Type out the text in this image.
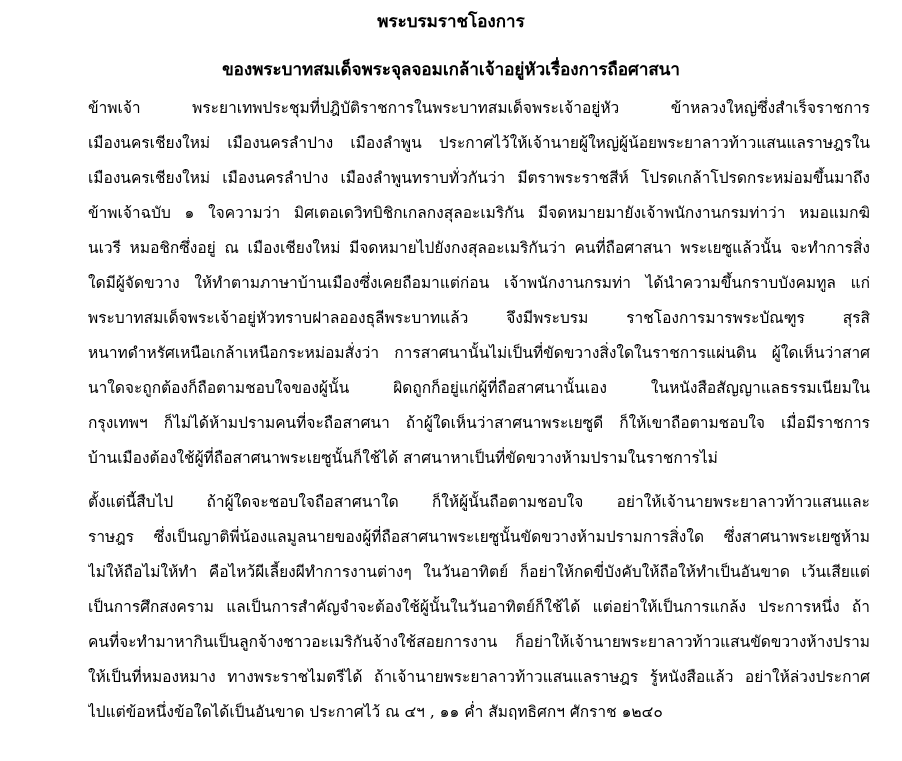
พระบรมราชโองการ
ของพระบาทสมเด็จพระจุลจอมเกล้าเจ้าอยู่หัวเรื่องการถือศาสนา
ข้าพเจ้า พระยาเทพประชุมที่ปฎิบัติราชการในพระบาทสมเด็จพระเจ้าอยู่หัว ข้าหลวงใหญ่ซึ่งสำเร็จราชการ
เมืองนครเชียงใหม่ เมืองนครลำปาง เมืองลำพูน ประกาศไว้ให้เจ้านายผู้ใหญ่ผู้น้อยพระยาลาวท้าวแสนแลราษฎรใน
เมืองนครเชียงใหม่ เมืองนครลำปาง เมืองลำพูนทราบทั่วกันว่า มีตราพระราชสีห์ โปรดเกล้าโปรดกระหม่อมขึ้นมาถึง
ข้าพเจ้าฉบับ ๑ ใจความว่า มิศเตอเดวิทบิชิกเกลกงสุลอะเมริกัน มีจดหมายมายังเจ้าพนักงานกรมท่าว่า หมอแมกฆิ
นเวรี หมอชิกซึ่งอยู่ ณ เมืองเชียงใหม่ มีจดหมายไปยังกงสุลอะเมริกันว่า คนที่ถือศาสนา พระเยซูแล้วนั้น จะทำการสิ่ง
ใดมีผู้จัดขวาง ให้ทำตามภาษาบ้านเมืองซึ่งเคยถือมาแต่ก่อน เจ้าพนักงานกรมท่า ได้นำความขึ้นกราบบังคมทูล แก่
พระบาทสมเด็จพระเจ้าอยู่หัวทราบฝาลอองธุลีพระบาทแล้ว จึงมีพระบรม ราชโองการมารพระบัณฑูร สุรสิ
หนาทดำหรัศเหนือเกล้าเหนือกระหม่อมสั่งว่า การสาศนานั้นไม่เป็นที่ขัดขวางสิ่งใดในราชการแผ่นดิน ผู้ใดเห็นว่าสาศ
นาใดจะถูกต้องก็ถือตามชอบใจของผู้นั้น ผิดถูกก็อยู่แก่ผู้ที่ถือสาศนานั้นเอง ในหนังสือสัญญาแลธรรมเนียมใน
กรุงเทพฯ ก็ไม่ได้ห้ามปรามคนที่จะถือสาศนา ถ้าผู้ใดเห็นว่าสาศนาพระเยซูดี ก็ให้เขาถือตามชอบใจ เมื่อมีราชการ
บ้านเมืองต้องใช้ผู้ที่ถือสาศนาพระเยซูนั้นก็ใช้ได้ สาศนาหาเป็นที่ขัดขวางห้ามปรามในราชการไม่
ตั้งแต่นี้สืบไป ถ้าผู้ใดจะชอบใจถือสาศนาใด ก็ให้ผู้นั้นถือตามชอบใจ อย่าให้เจ้านายพระยาลาวท้าวแสนและ
ราษฎร ซึ่งเป็นญาติพี่น้องแลมูลนายของผู้ที่ถือสาศนาพระเยซูนั้นขัดขวางห้ามปรามการสิ่งใด ซึ่งสาศนาพระเยซูห้าม
ไม่ให้ถือไม่ให้ทำ คือไหว้ผีเลี้ยงผีทำการงานต่างๆ ในวันอาทิตย์ ก็อย่าให้กดขี่บังคับให้ถือให้ทำเป็นอันขาด เว้นเสียแต่
เป็นการศึกสงคราม แลเป็นการสำคัญจำจะต้องใช้ผู้นั้นในวันอาทิตย์ก็ใช้ได้ แต่อย่าให้เป็นการแกล้ง ประการหนึ่ง ถ้า
คนที่จะทำมาหากินเป็นลูกจ้างชาวอะเมริกันจ้างใช้สอยการงาน ก็อย่าให้เจ้านายพระยาลาวท้าวแสนขัดขวางห้างปราม
ให้เป็นที่หมองหมาง ทางพระราชไมตรีได้ ถ้าเจ้านายพระยาลาวท้าวแสนแลราษฎร รู้หนังสือแล้ว อย่าให้ล่วงประกาศ
ไปแต่ข้อหนึ่งข้อใดได้เป็นอันขาด ประกาศไว้ ณ ๔ฯ , ๑๑ ค่ำ สัมฤทธิศกฯ ศักราช ๑๒๔๐
